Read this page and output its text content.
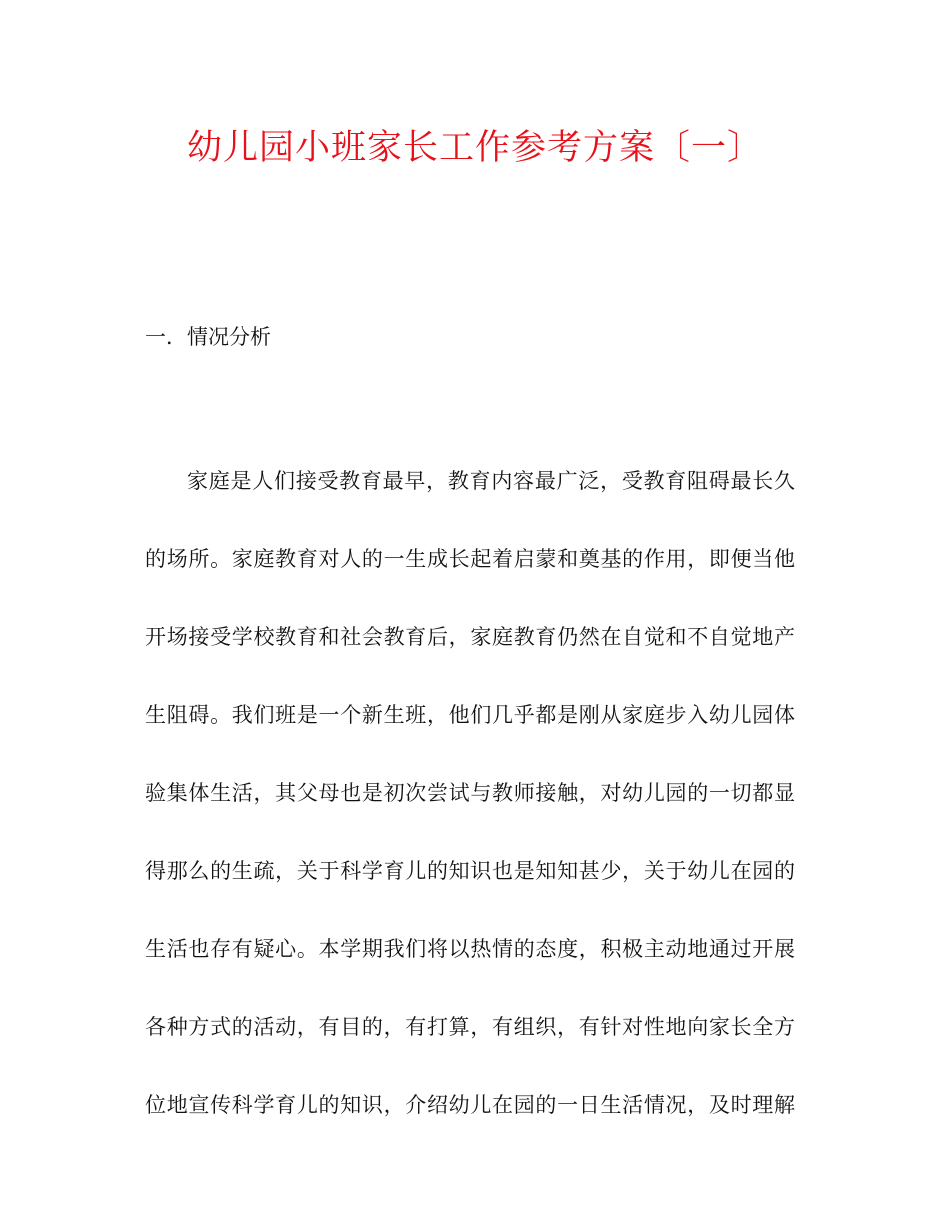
幼儿园小班家长工作参考方案〔一〕
一．情况分析
家庭是人们接受教育最早，教育内容最广泛，受教育阻碍最长久
的场所。家庭教育对人的一生成长起着启蒙和奠基的作用，即便当他
开场接受学校教育和社会教育后，家庭教育仍然在自觉和不自觉地产
生阻碍。我们班是一个新生班，他们几乎都是刚从家庭步入幼儿园体
验集体生活，其父母也是初次尝试与教师接触，对幼儿园的一切都显
得那么的生疏，关于科学育儿的知识也是知知甚少，关于幼儿在园的
生活也存有疑心。本学期我们将以热情的态度，积极主动地通过开展
各种方式的活动，有目的，有打算，有组织，有针对性地向家长全方
位地宣传科学育儿的知识，介绍幼儿在园的一日生活情况，及时理解
